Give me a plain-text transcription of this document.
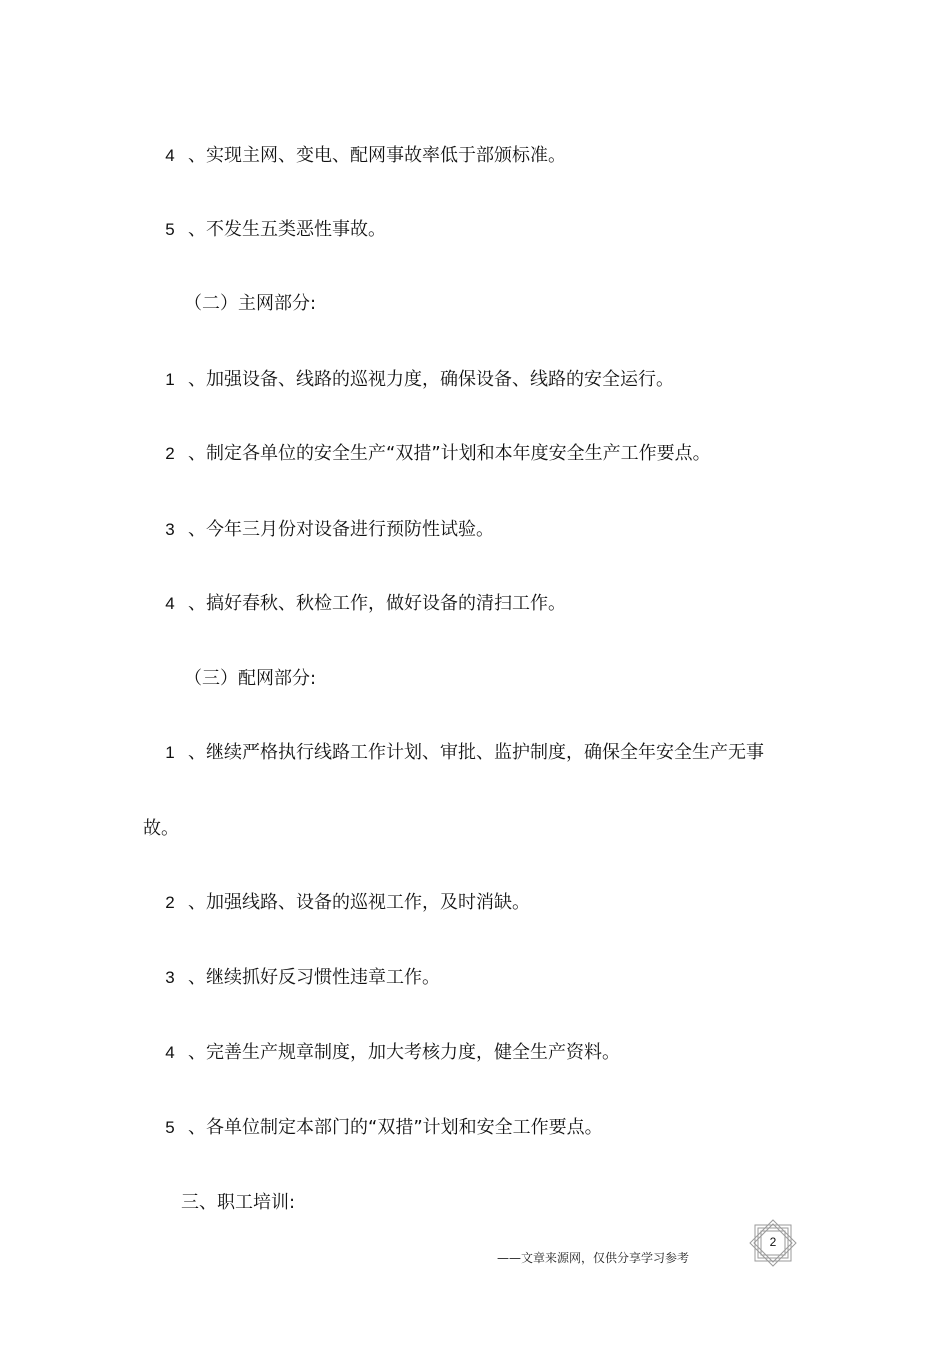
4 、实现主网、变电、配网事故率低于部颁标准。
5 、不发生五类恶性事故。
（二）主网部分:
1 、加强设备、线路的巡视力度，确保设备、线路的安全运行。
2 、制定各单位的安全生产“双措”计划和本年度安全生产工作要点。
3 、今年三月份对设备进行预防性试验。
4 、搞好春秋、秋检工作，做好设备的清扫工作。
（三）配网部分:
1 、继续严格执行线路工作计划、审批、监护制度，确保全年安全生产无事
故。
2 、加强线路、设备的巡视工作，及时消缺。
3 、继续抓好反习惯性违章工作。
4 、完善生产规章制度，加大考核力度，健全生产资料。
5 、各单位制定本部门的“双措”计划和安全工作要点。
三、职工培训:
——文章来源网，仅供分享学习参考
2
